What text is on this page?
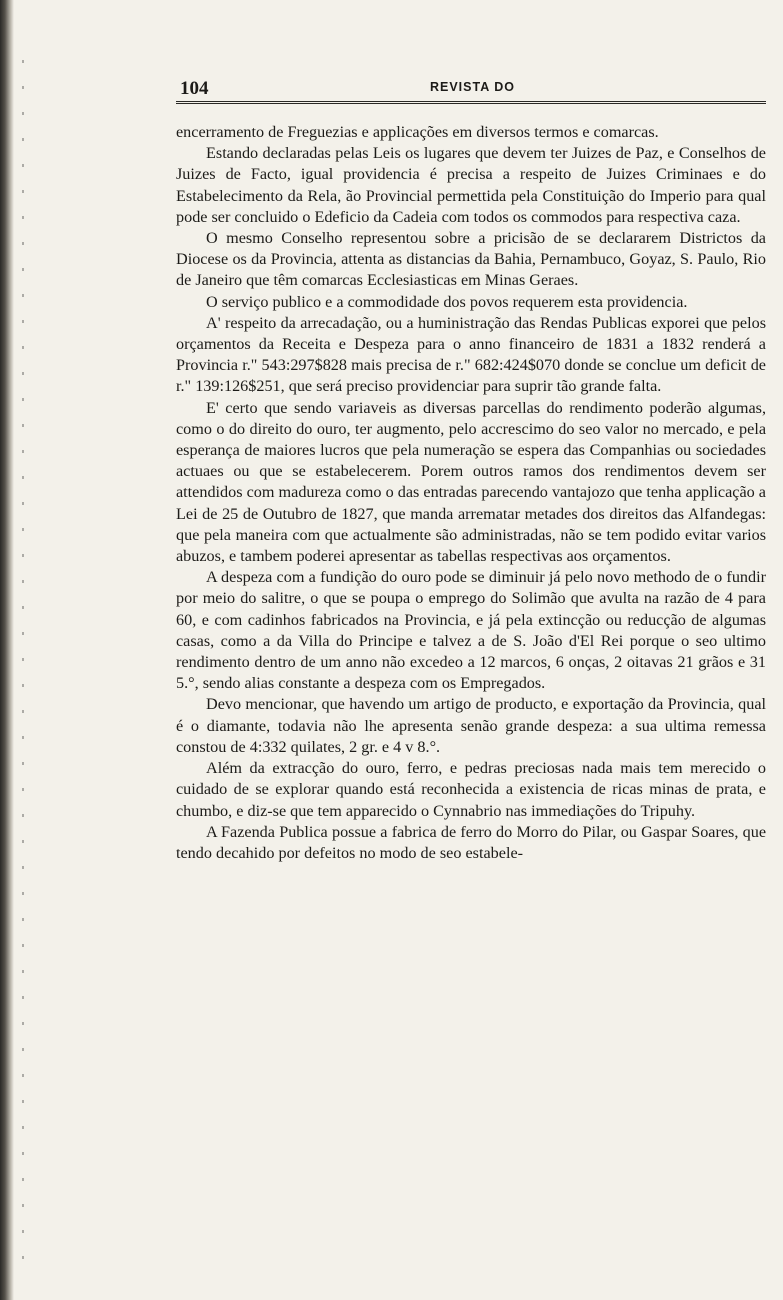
104	REVISTA DO

encerramento de Freguezias e applicações em diversos termos e comarcas.

Estando declaradas pelas Leis os lugares que devem ter Juizes de Paz, e Conselhos de Juizes de Facto, igual providencia é precisa a respeito de Juizes Criminaes e do Estabelecimento da Rela, ão Provincial permettida pela Constituição do Imperio para qual pode ser concluido o Edeficio da Cadeia com todos os commodos para respectiva caza.

O mesmo Conselho representou sobre a pricisão de se declararem Districtos da Diocese os da Provincia, attenta as distancias da Bahia, Pernambuco, Goyaz, S. Paulo, Rio de Janeiro que têm comarcas Ecclesiasticas em Minas Geraes.

O serviço publico e a commodidade dos povos requerem esta providencia.

A' respeito da arrecadação, ou a huministração das Rendas Publicas exporei que pelos orçamentos da Receita e Despeza para o anno financeiro de 1831 a 1832 renderá a Provincia r." 543:297$828 mais precisa de r." 682:424$070 donde se conclue um deficit de r." 139:126$251, que será preciso providenciar para suprir tão grande falta.

E' certo que sendo variaveis as diversas parcellas do rendimento poderão algumas, como o do direito do ouro, ter augmento, pelo accrescimo do seo valor no mercado, e pela esperança de maiores lucros que pela numeração se espera das Companhias ou sociedades actuaes ou que se estabelecerem. Porem outros ramos dos rendimentos devem ser attendidos com madureza como o das entradas parecendo vantajozo que tenha applicação a Lei de 25 de Outubro de 1827, que manda arrematar metades dos direitos das Alfandegas: que pela maneira com que actualmente são administradas, não se tem podido evitar varios abuzos, e tambem poderei apresentar as tabellas respectivas aos orçamentos.

A despeza com a fundição do ouro pode se diminuir já pelo novo methodo de o fundir por meio do salitre, o que se poupa o emprego do Solimão que avulta na razão de 4 para 60, e com cadinhos fabricados na Provincia, e já pela extincção ou reducção de algumas casas, como a da Villa do Principe e talvez a de S. João d'El Rei porque o seo ultimo rendimento dentro de um anno não excedeo a 12 marcos, 6 onças, 2 oitavas 21 grãos e 31 5.°, sendo alias constante a despeza com os Empregados.

Devo mencionar, que havendo um artigo de producto, e exportação da Provincia, qual é o diamante, todavia não lhe apresenta senão grande despeza: a sua ultima remessa constou de 4:332 quilates, 2 gr. e 4 v 8.°.

Além da extracção do ouro, ferro, e pedras preciosas nada mais tem merecido o cuidado de se explorar quando está reconhecida a existencia de ricas minas de prata, e chumbo, e diz-se que tem apparecido o Cynnabrio nas immediações do Tripuhy.

A Fazenda Publica possue a fabrica de ferro do Morro do Pilar, ou Gaspar Soares, que tendo decahido por defeitos no modo de seo estabele-
